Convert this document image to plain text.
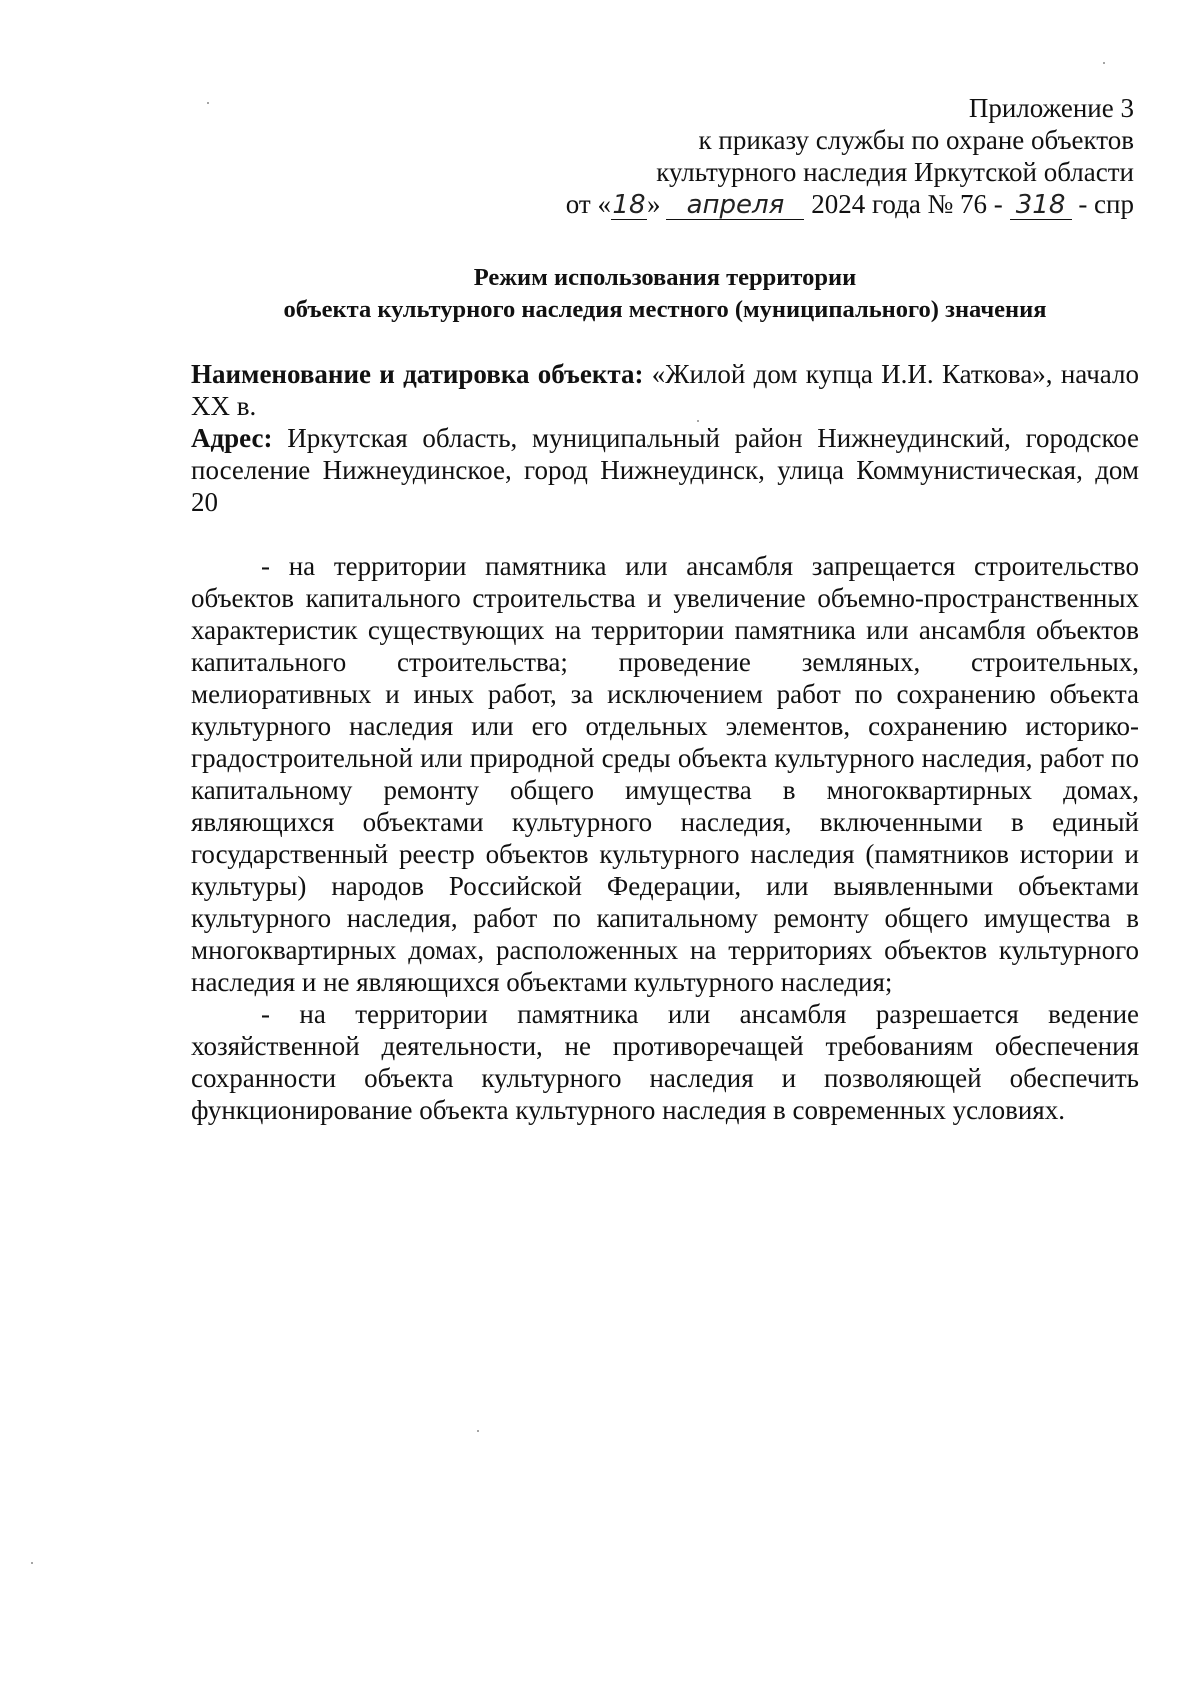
Приложение 3
к приказу службы по охране объектов
культурного наследия Иркутской области
от «18» апреля 2024 года № 76 - 318 - спр
Режим использования территории
объекта культурного наследия местного (муниципального) значения

Наименование и датировка объекта: «Жилой дом купца И.И. Каткова», начало XX в.

Адрес: Иркутская область, муниципальный район Нижнеудинский, городское поселение Нижнеудинское, город Нижнеудинск, улица Коммунистическая, дом 20

- на территории памятника или ансамбля запрещается строительство объектов капитального строительства и увеличение объемно-пространственных характеристик существующих на территории памятника или ансамбля объектов капитального строительства; проведение земляных, строительных, мелиоративных и иных работ, за исключением работ по сохранению объекта культурного наследия или его отдельных элементов, сохранению историко-градостроительной или природной среды объекта культурного наследия, работ по капитальному ремонту общего имущества в многоквартирных домах, являющихся объектами культурного наследия, включенными в единый государственный реестр объектов культурного наследия (памятников истории и культуры) народов Российской Федерации, или выявленными объектами культурного наследия, работ по капитальному ремонту общего имущества в многоквартирных домах, расположенных на территориях объектов культурного наследия и не являющихся объектами культурного наследия;

- на территории памятника или ансамбля разрешается ведение хозяйственной деятельности, не противоречащей требованиям обеспечения сохранности объекта культурного наследия и позволяющей обеспечить функционирование объекта культурного наследия в современных условиях.
